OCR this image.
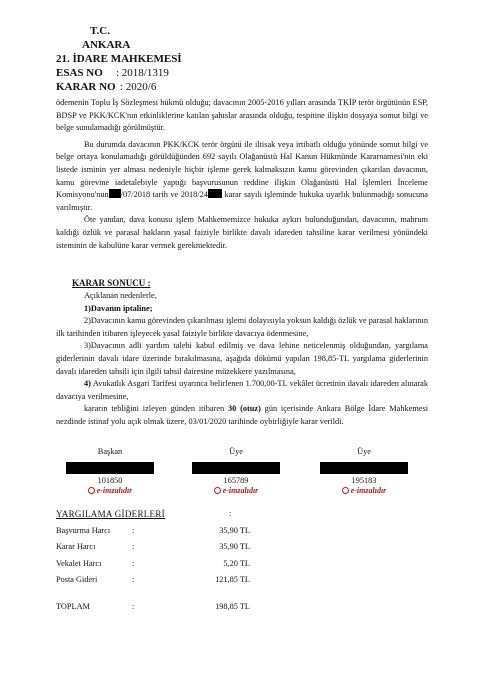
T.C.
ANKARA
21. İDARE MAHKEMESİ
ESAS NO	: 2018/1319
KARAR NO : 2020/6

ödemenin Toplu İş Sözleşmesi hükmü olduğu; davacının 2005-2016 yılları arasında TKİP terör örgütünün ESP, BDSP ve PKK/KCK'nın etkinliklerine katılan şahıslar arasında olduğu, tespitine ilişkin dosyaya somut bilgi ve belge sunulamadığı görülmüştür.

Bu durumda davacının PKK/KCK terör örgütü ile iltisak veya irtibatlı olduğu yönünde somut bilgi ve belge ortaya konulamadığı görüldüğünden 692 sayılı Olağanüstü Hal Kanun Hükmünde Kararnamesi'nin eki listede isminin yer alması nedeniyle hiçbir işleme gerek kalmaksızın kamu görevinden çıkarılan davacının, kamu görevine iadetalebiyle yaptığı başvurusunun reddine ilişkin Olağanüstü Hal İşlemleri İnceleme Komisyonu'nun /07/2018 tarih ve 2018/24 karar sayılı işleminde hukuka uyarlık bulunmadığı sonucuna varılmıştır.

Öte yandan, dava konusu işlem Mahkememizce hukuka aykırı bulunduğundan, davacının, mahrum kaldığı özlük ve parasal hakların yasal faiziyle birlikte davalı idareden tahsiline karar verilmesi yönündeki isteminin de kabulüne karar vermek gerekmektedir.

KARAR SONUCU :

Açıklanan nedenlerle,

1)Davanın iptaline;

2)Davacının kamu görevinden çıkarılması işlemi dolayısıyla yoksun kaldığı özlük ve parasal haklarının ilk tarihinden itibaren işleyecek yasal faiziyle birlikte davacıya ödenmesine,

3)Davacının adli yardım talebi kabul edilmiş ve dava lehine neticelenmiş olduğundan, yargılama giderlerinin davalı idare üzerinde bırakılmasına, aşağıda dökümü yapılan 198,85-TL yargılama giderlerinin davalı idareden tahsili için ilgili tahsil dairesine müzekkere yazılmasına,

4) Avukatlık Asgari Tarifesi uyarınca belirlenen 1.700,00-TL vekâlet ücretinin davalı idareden alınarak davacıya verilmesine,

kararın tebliğini izleyen günden itibaren 30 (otuz) gün içerisinde Ankara Bölge İdare Mahkemesi nezdinde istinaf yolu açık olmak üzere, 03/01/2020 tarihinde oybirliğiyle karar verildi.

Başkan
101850
e-imzalıdır
Üye
165789
e-imzalıdır
Üye
195183
e-imzalıdır
YARGILAMA GİDERLERİ	:
Başvurma Harcı	:	35,90 TL
Karar Harcı	:	35,90 TL
Vekalet Harcı	:	5,20 TL
Posta Gideri	:	121,85 TL
TOPLAM	:	198,85 TL
